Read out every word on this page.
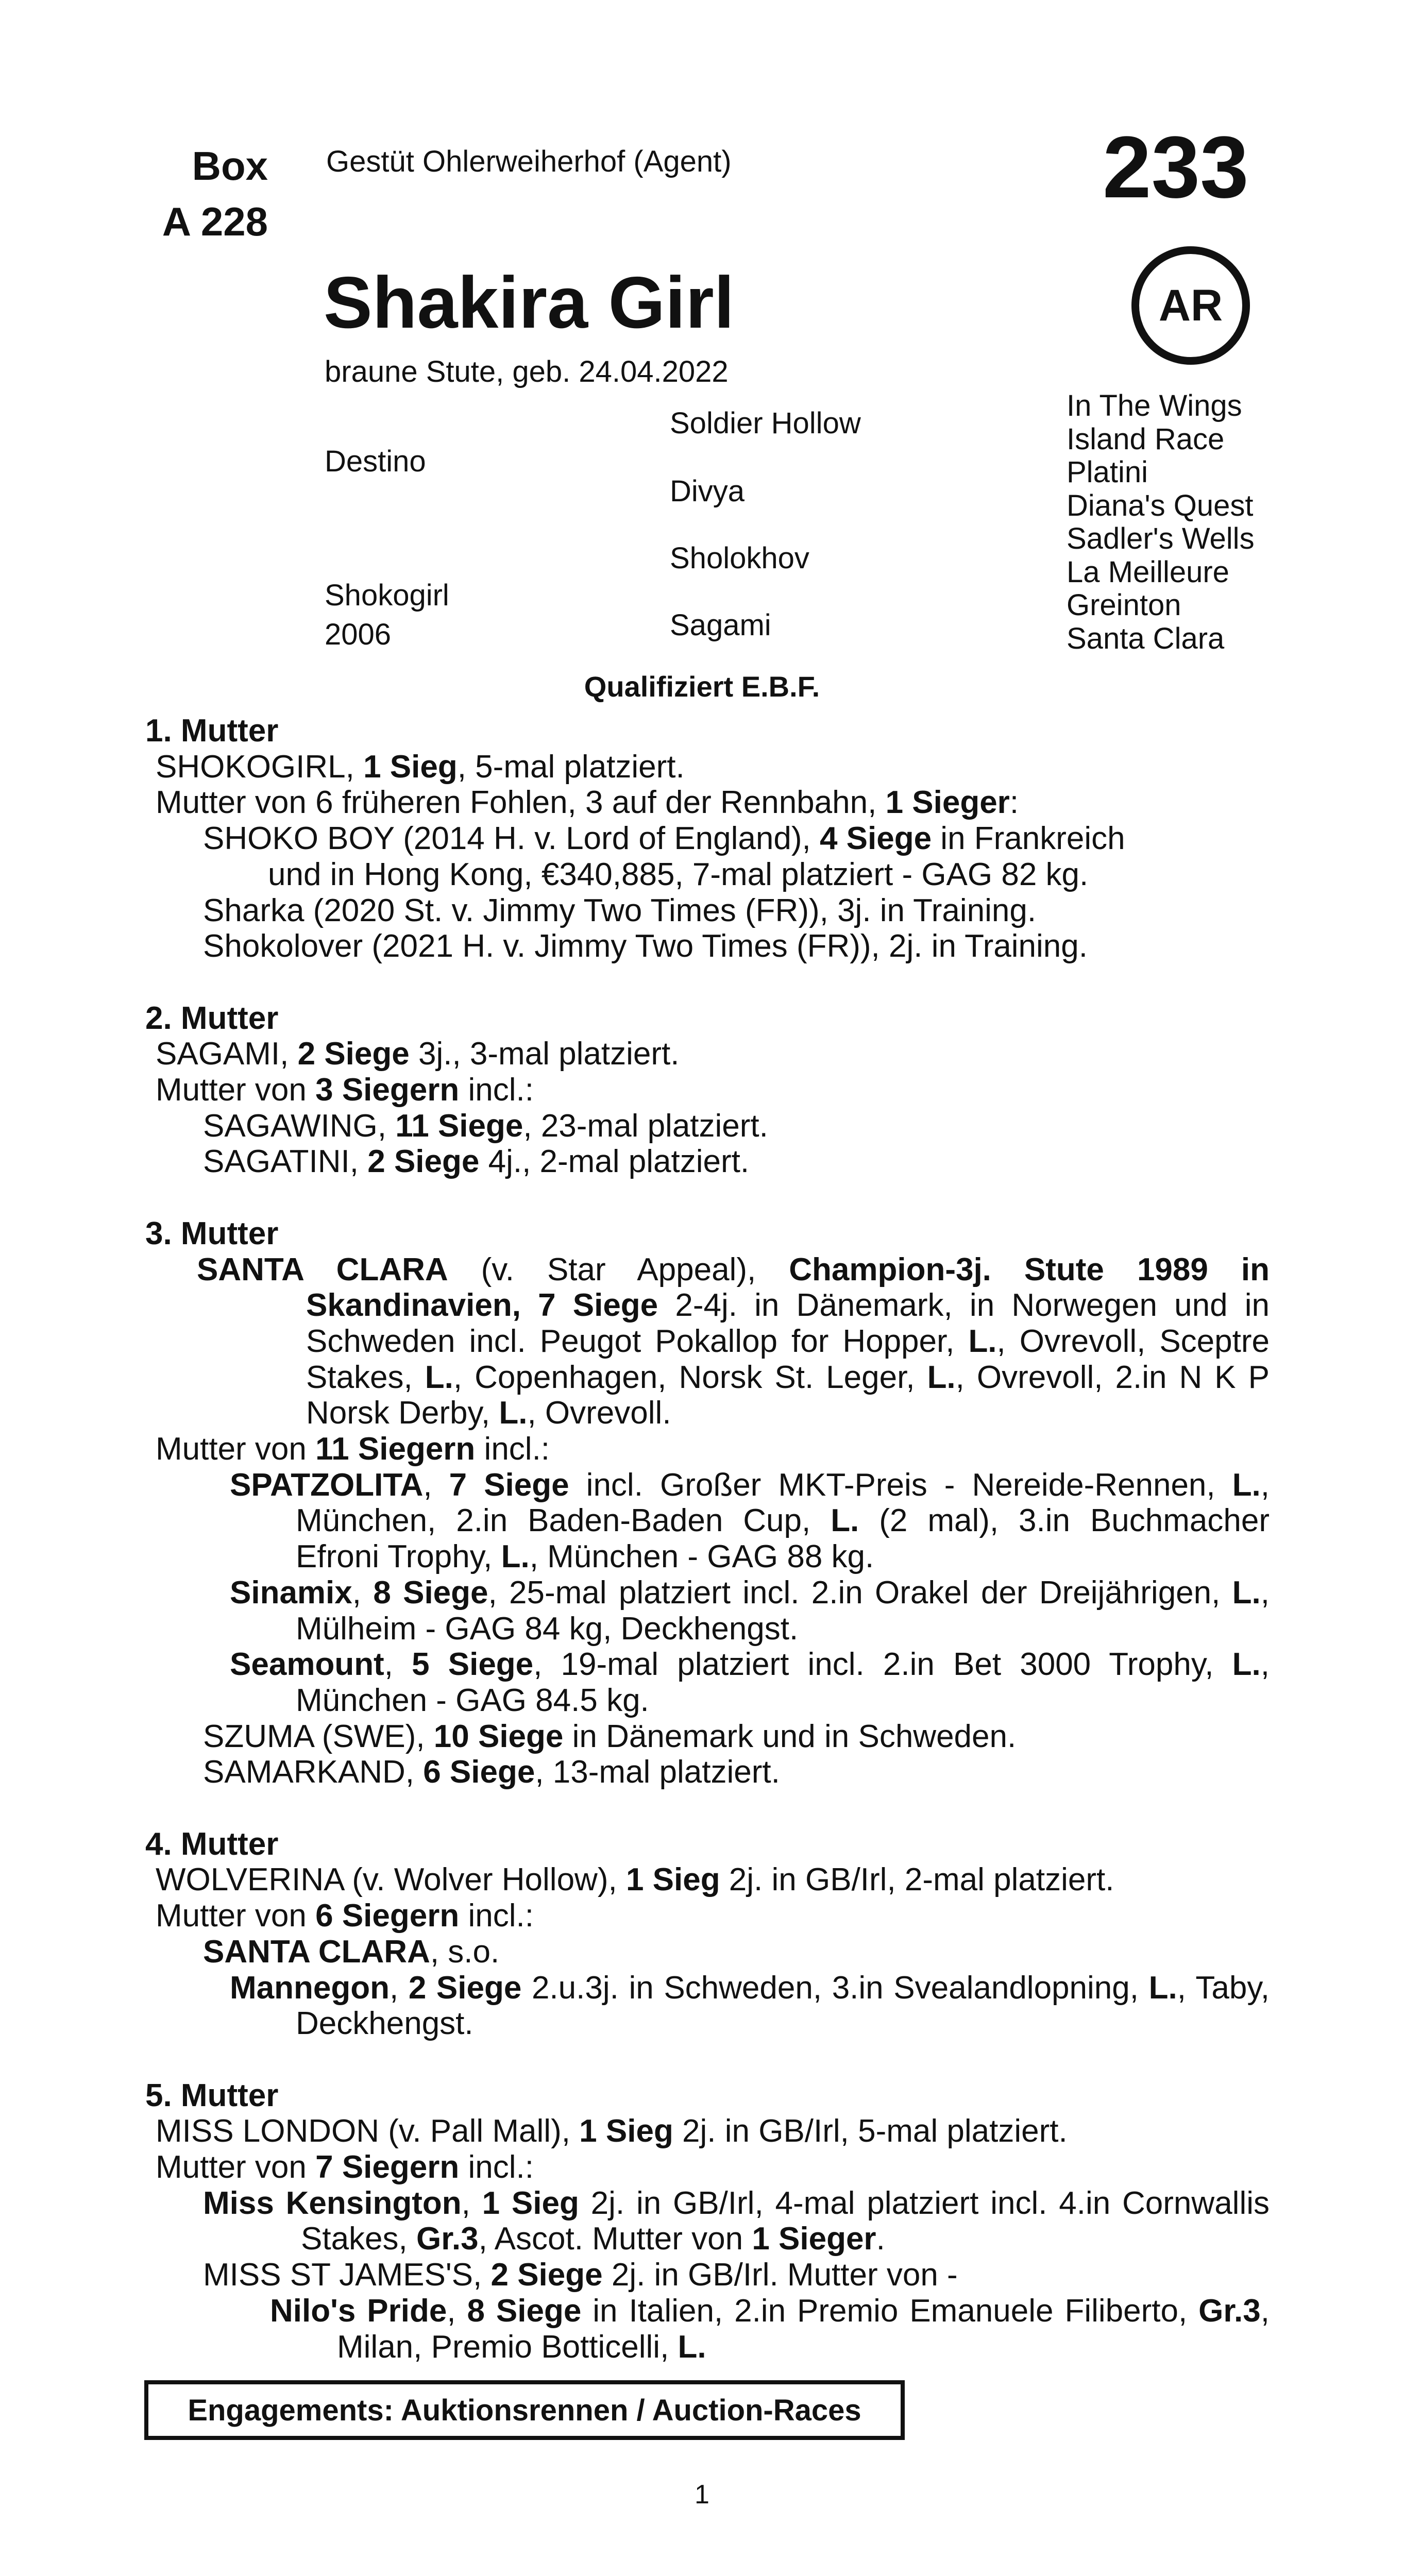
Box
A 228
Gestüt Ohlerweiherhof (Agent)	233
AR
Shakira Girl
braune Stute, geb. 24.04.2022
Destino
Shokogirl
2006
Soldier Hollow
Divya
Sholokhov
Sagami
In The Wings
Island Race
Platini
Diana's Quest
Sadler's Wells
La Meilleure
Greinton
Santa Clara
Qualifiziert E.B.F.
1. Mutter
SHOKOGIRL, 1 Sieg, 5-mal platziert.
Mutter von 6 früheren Fohlen, 3 auf der Rennbahn, 1 Sieger:
SHOKO BOY (2014 H. v. Lord of England), 4 Siege in Frankreich
und in Hong Kong, €340,885, 7-mal platziert - GAG 82 kg.
Sharka (2020 St. v. Jimmy Two Times (FR)), 3j. in Training.
Shokolover (2021 H. v. Jimmy Two Times (FR)), 2j. in Training.
2. Mutter
SAGAMI, 2 Siege 3j., 3-mal platziert.
Mutter von 3 Siegern incl.:
SAGAWING, 11 Siege, 23-mal platziert.
SAGATINI, 2 Siege 4j., 2-mal platziert.
3. Mutter
SANTA CLARA (v. Star Appeal), Champion-3j. Stute 1989 in Skandinavien, 7 Siege 2-4j. in Dänemark, in Norwegen und in Schweden incl. Peugot Pokallop for Hopper, L., Ovrevoll, Sceptre Stakes, L., Copenhagen, Norsk St. Leger, L., Ovrevoll, 2.in N K P Norsk Derby, L., Ovrevoll.
Mutter von 11 Siegern incl.:
SPATZOLITA, 7 Siege incl. Großer MKT-Preis - Nereide-Rennen, L., München, 2.in Baden-Baden Cup, L. (2 mal), 3.in Buchmacher Efroni Trophy, L., München - GAG 88 kg.
Sinamix, 8 Siege, 25-mal platziert incl. 2.in Orakel der Dreijährigen, L., Mülheim - GAG 84 kg, Deckhengst.
Seamount, 5 Siege, 19-mal platziert incl. 2.in Bet 3000 Trophy, L., München - GAG 84.5 kg.
SZUMA (SWE), 10 Siege in Dänemark und in Schweden.
SAMARKAND, 6 Siege, 13-mal platziert.
4. Mutter
WOLVERINA (v. Wolver Hollow), 1 Sieg 2j. in GB/Irl, 2-mal platziert.
Mutter von 6 Siegern incl.:
SANTA CLARA, s.o.
Mannegon, 2 Siege 2.u.3j. in Schweden, 3.in Svealandlopning, L., Taby, Deckhengst.
5. Mutter
MISS LONDON (v. Pall Mall), 1 Sieg 2j. in GB/Irl, 5-mal platziert.
Mutter von 7 Siegern incl.:
Miss Kensington, 1 Sieg 2j. in GB/Irl, 4-mal platziert incl. 4.in Cornwallis Stakes, Gr.3, Ascot. Mutter von 1 Sieger.
MISS ST JAMES'S, 2 Siege 2j. in GB/Irl. Mutter von -
Nilo's Pride, 8 Siege in Italien, 2.in Premio Emanuele Filiberto, Gr.3, Milan, Premio Botticelli, L.
Engagements: Auktionsrennen / Auction-Races
1
